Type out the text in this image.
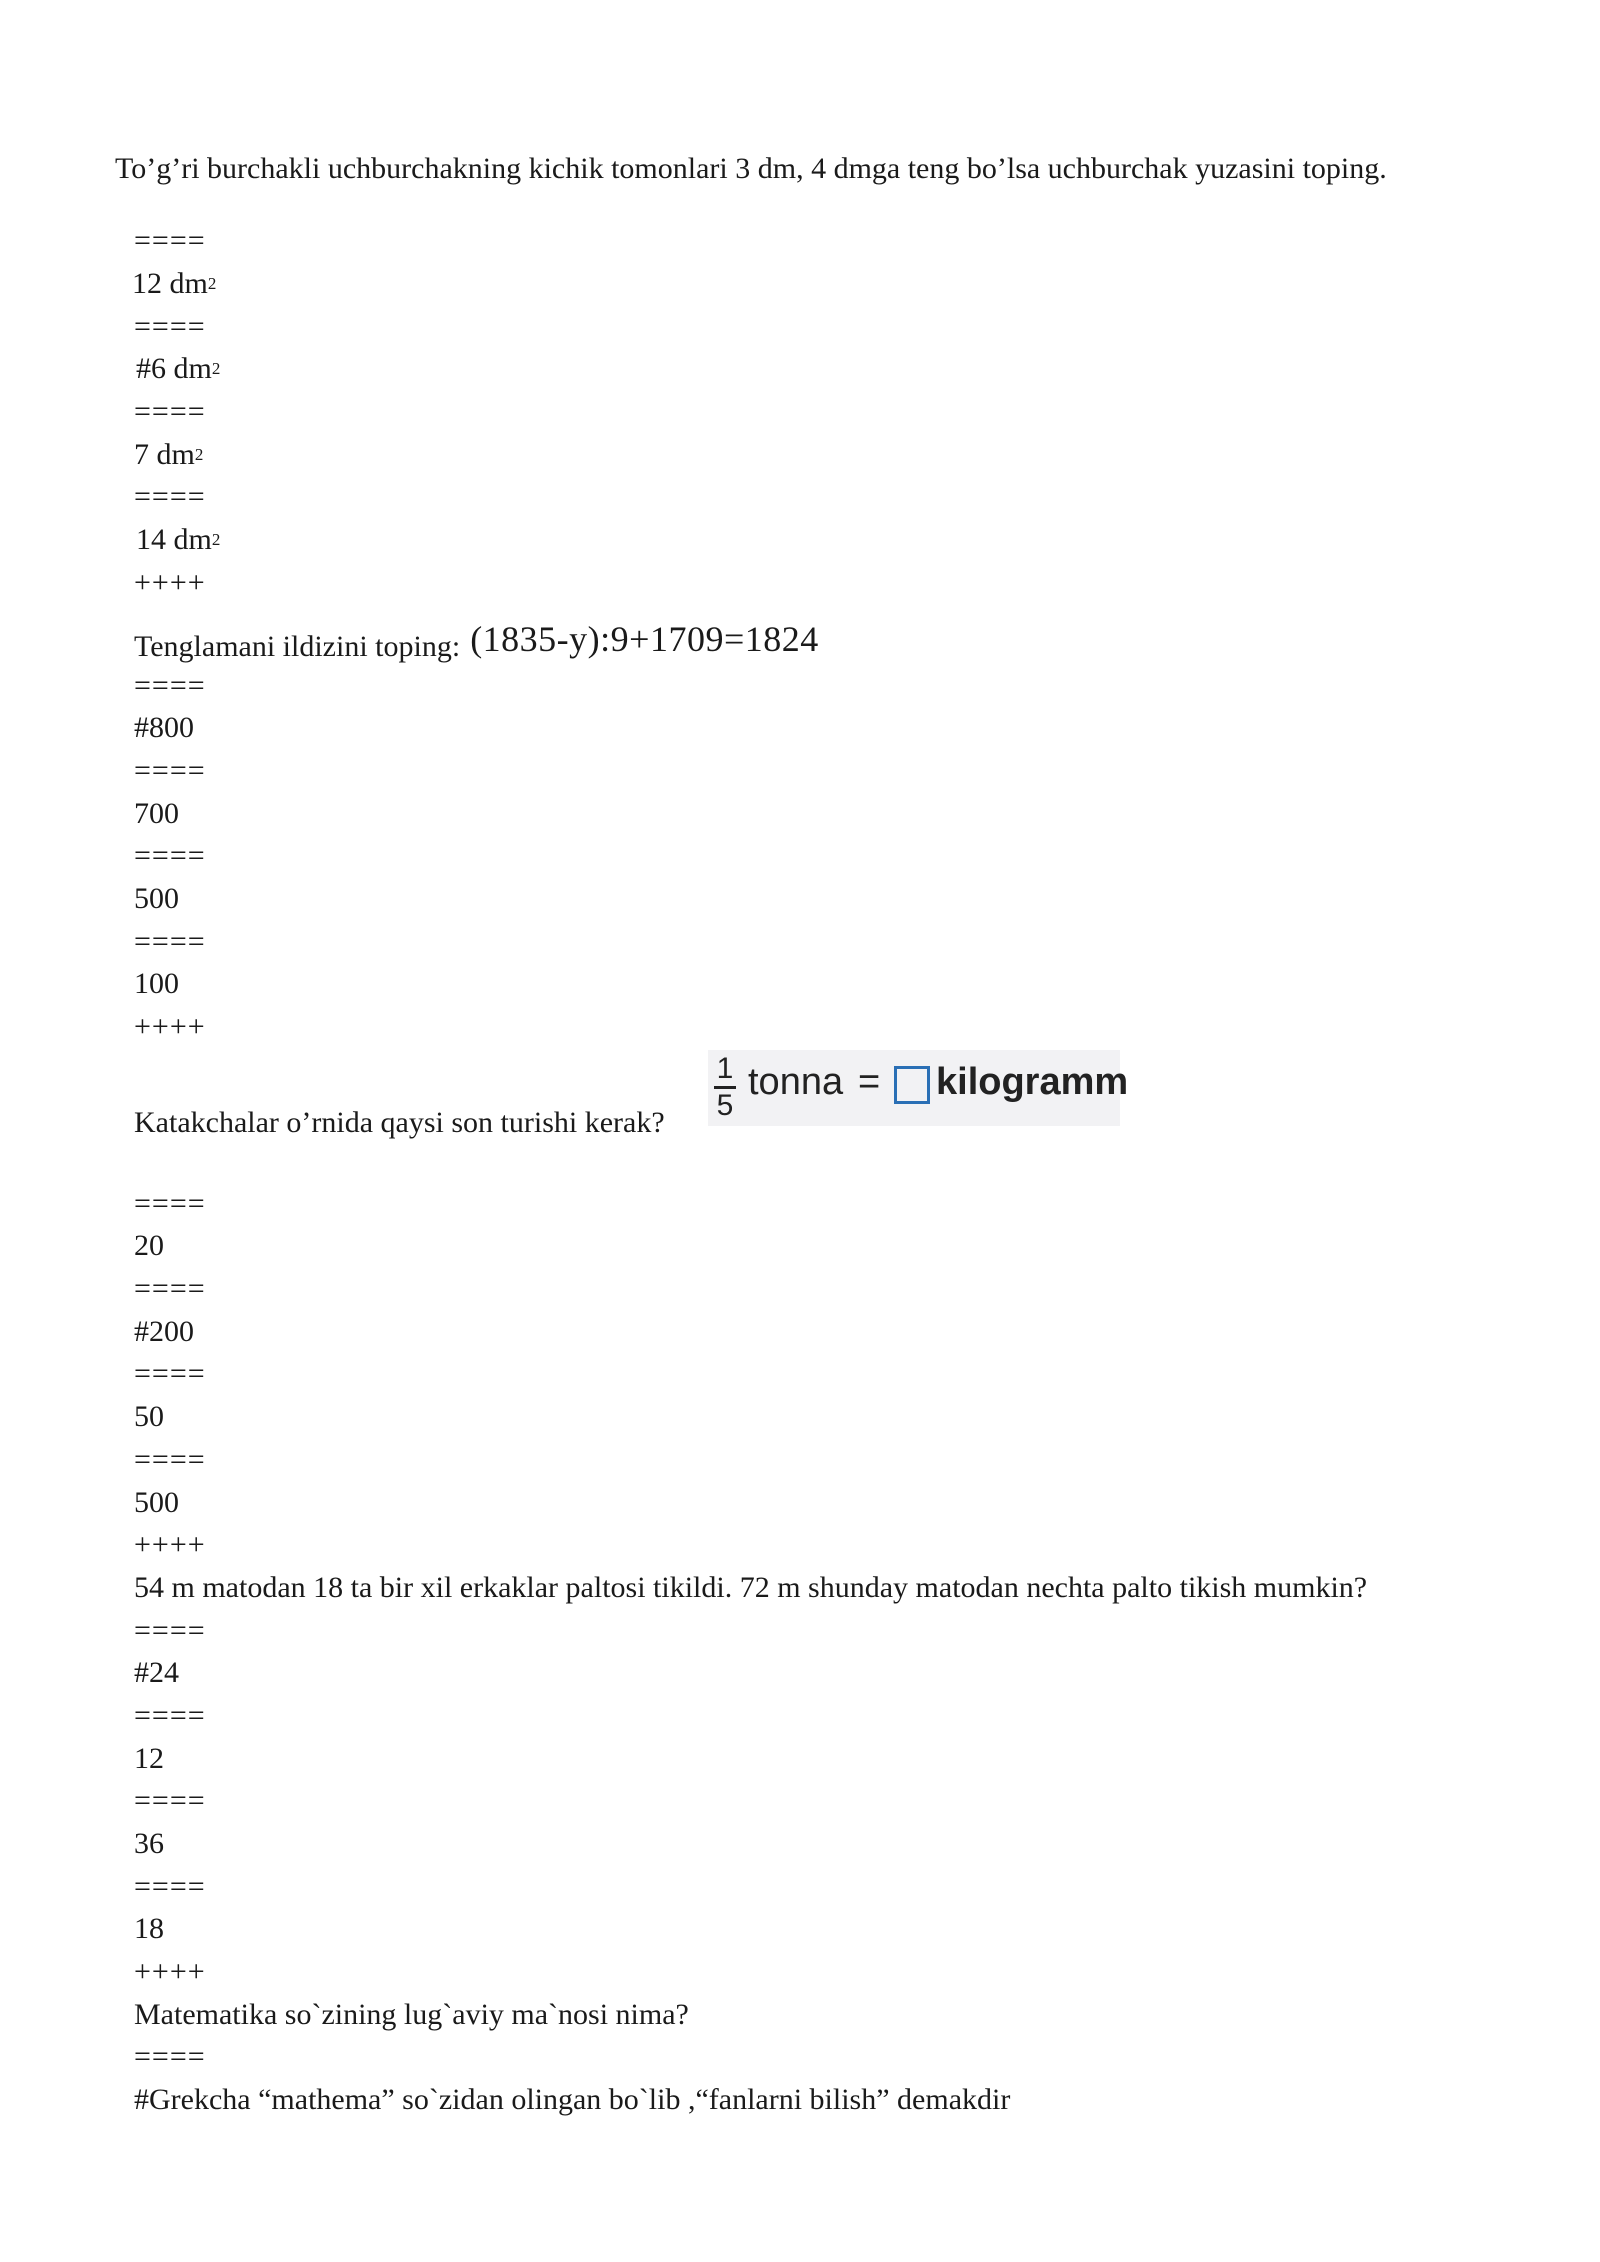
To’g’ri burchakli uchburchakning kichik tomonlari 3 dm, 4 dmga teng bo’lsa uchburchak yuzasini toping.
====
12 dm 2
====
#6 dm 2
====
7 dm 2
====
14 dm 2
++++
Tenglamani ildizini toping: (1835-y):9+1709=1824
====
#800
====
700
====
500
====
100
++++
Katakchalar o’rnida qaysi son turishi kerak?
====
20
====
#200
====
50
====
500
++++
54 m matodan 18 ta bir xil erkaklar paltosi tikildi. 72 m shunday matodan nechta palto tikish mumkin?
====
#24
====
12
====
36
====
18
++++
Matematika so`zining lug`aviy ma`nosi nima?
====
#Grekcha “mathema” so`zidan olingan bo`lib ,“fanlarni bilish” demakdir
1
5
tonna = kilogramm
